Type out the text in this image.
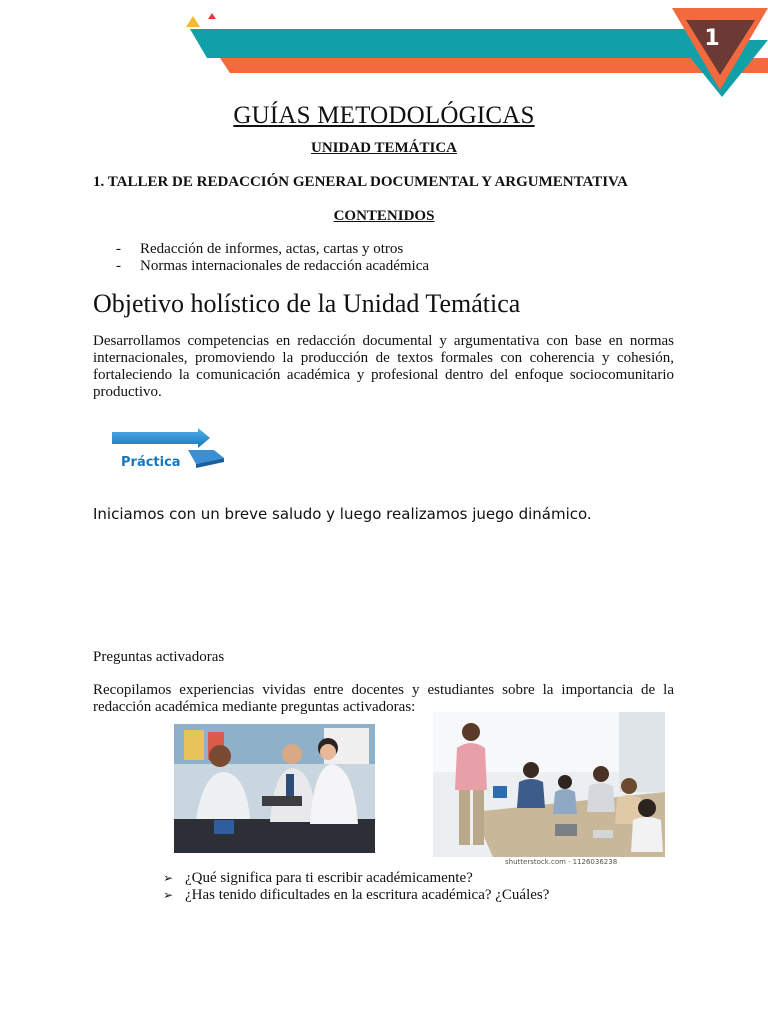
1
GUÍAS METODOLÓGICAS
UNIDAD TEMÁTICA
1. TALLER DE REDACCIÓN GENERAL DOCUMENTAL Y ARGUMENTATIVA
CONTENIDOS
- Redacción de informes, actas, cartas y otros
- Normas internacionales de redacción académica
Objetivo holístico de la Unidad Temática
Desarrollamos competencias en redacción documental y argumentativa con base en normas internacionales, promoviendo la producción de textos formales con coherencia y cohesión, fortaleciendo la comunicación académica y profesional dentro del enfoque sociocomunitario productivo.
Práctica
Iniciamos con un breve saludo y luego realizamos juego dinámico.
Preguntas activadoras
Recopilamos experiencias vividas entre docentes y estudiantes sobre la importancia de la redacción académica mediante preguntas activadoras:
shutterstock.com · 1126036238
➢ ¿Qué significa para ti escribir académicamente?
➢ ¿Has tenido dificultades en la escritura académica? ¿Cuáles?
